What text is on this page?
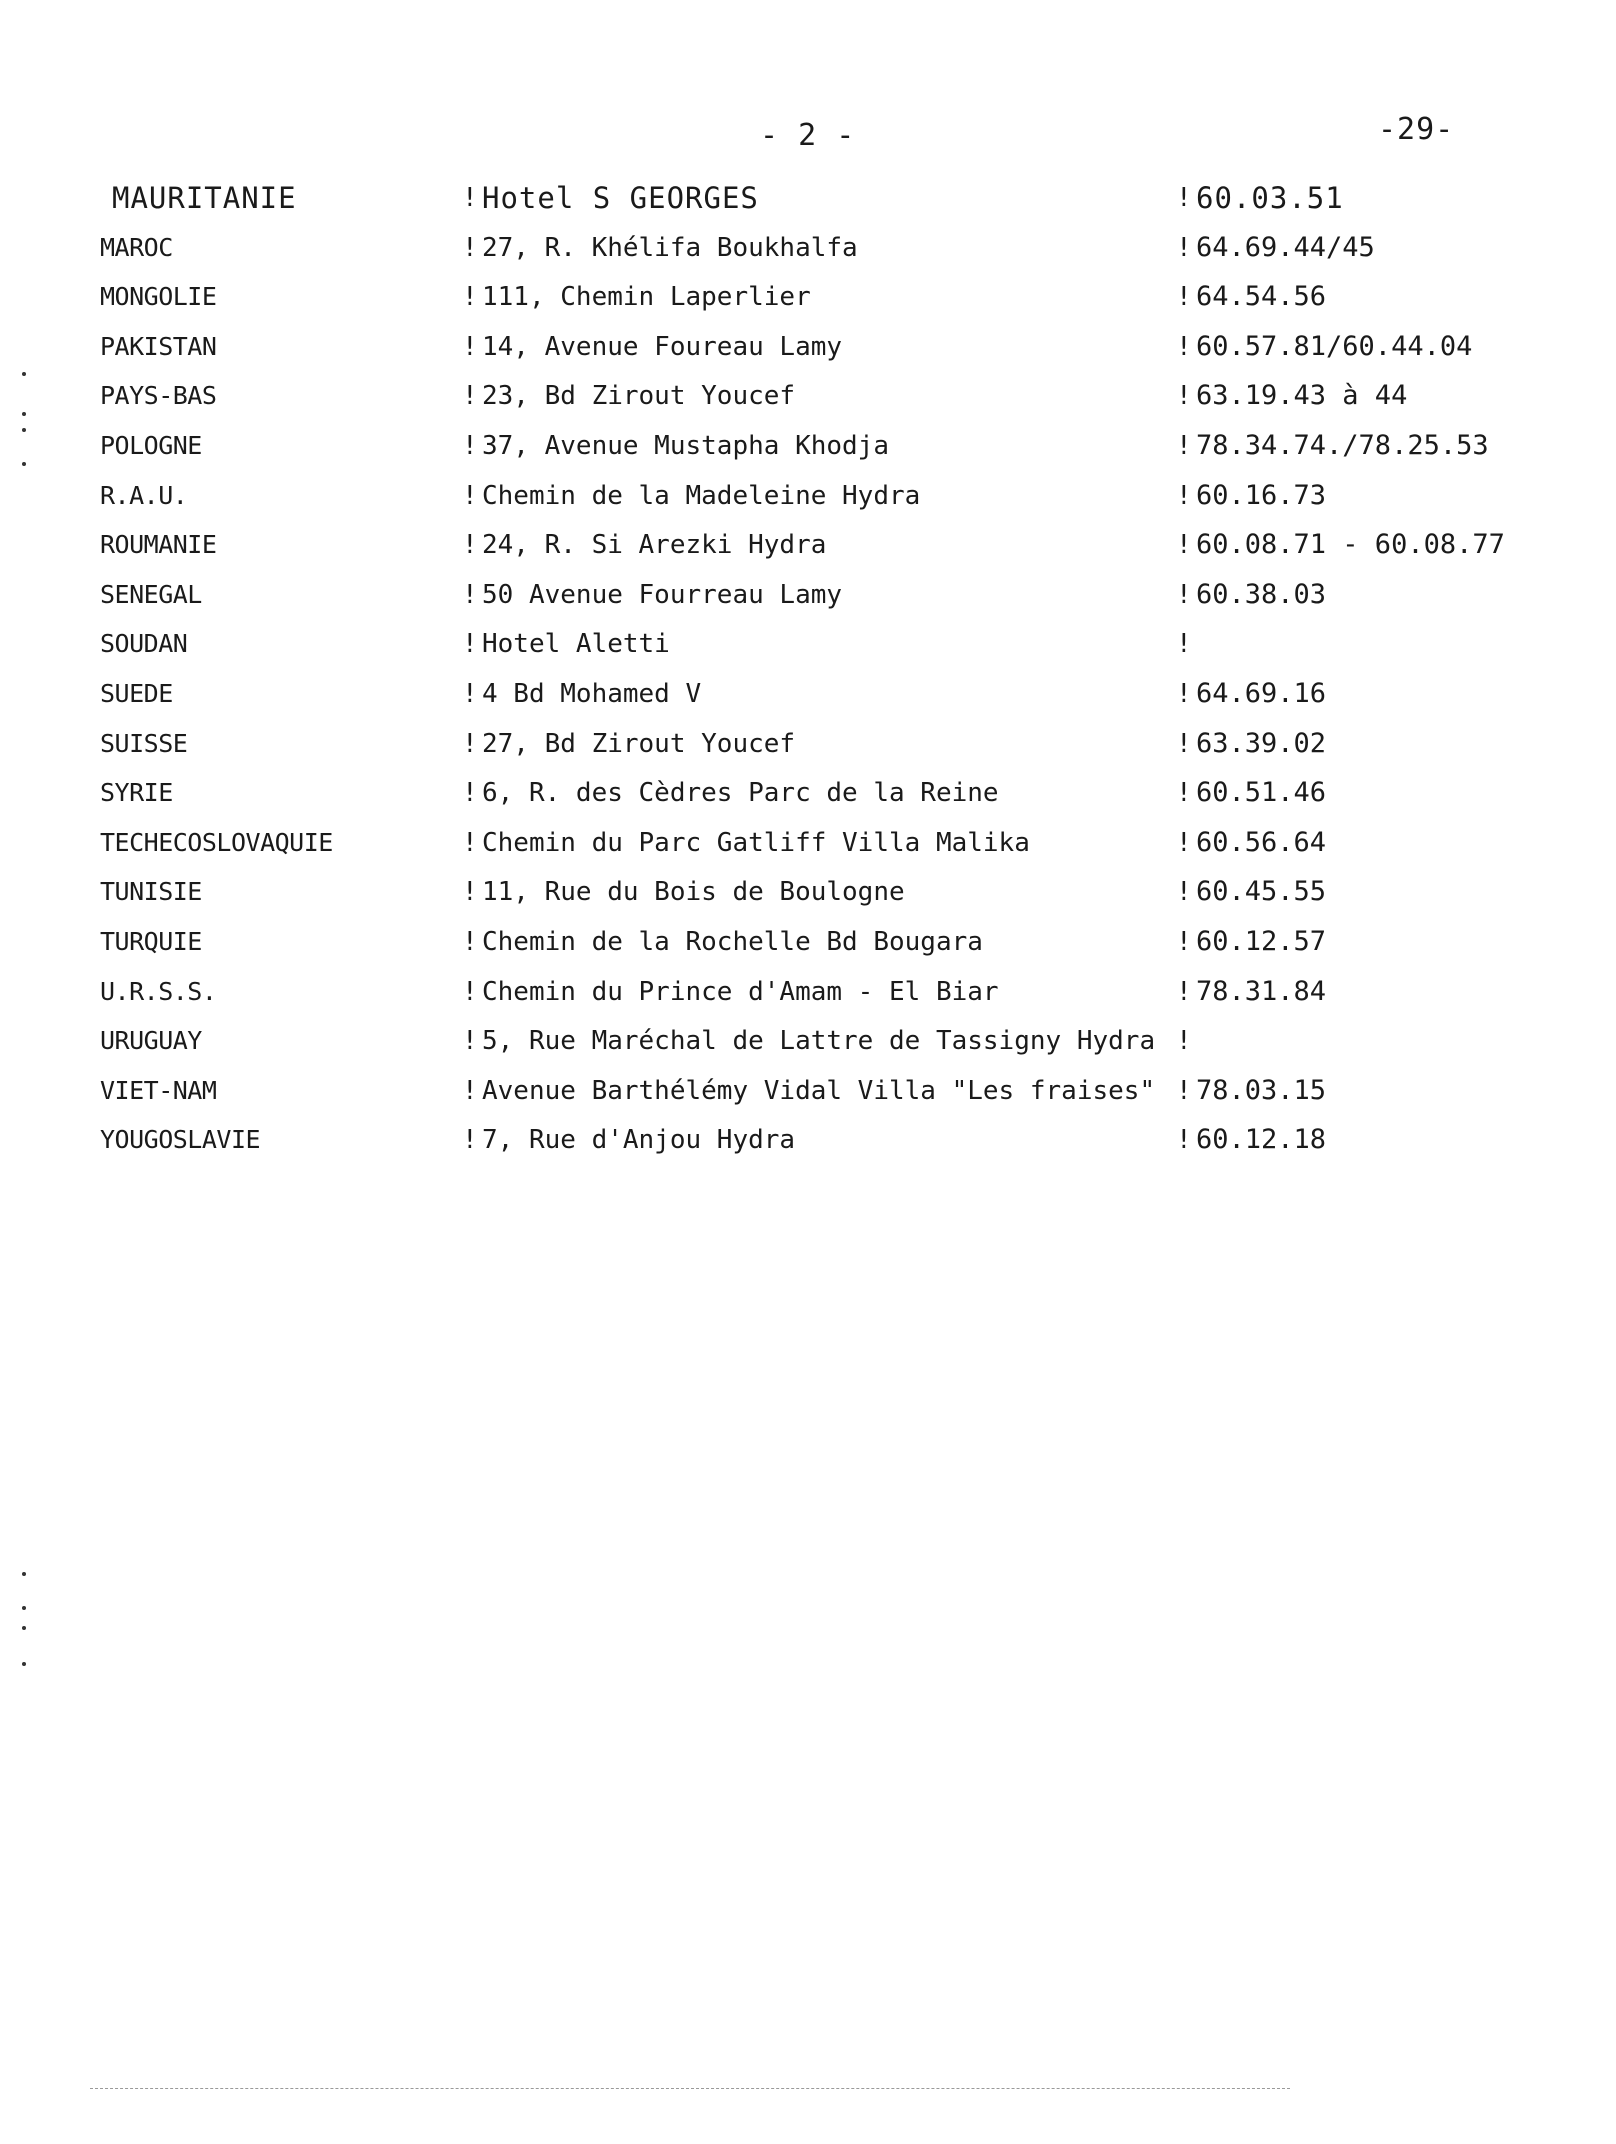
- 2 -	-29-
MAURITANIE	! Hotel S GEORGES	! 60.03.51
MAROC	! 27, R. Khélifa Boukhalfa	! 64.69.44/45
MONGOLIE	! 111, Chemin Laperlier	! 64.54.56
PAKISTAN	! 14, Avenue Foureau Lamy	! 60.57.81/60.44.04
PAYS-BAS	! 23, Bd Zirout Youcef	! 63.19.43 à 44
POLOGNE	! 37, Avenue Mustapha Khodja	! 78.34.74./78.25.53
R.A.U.	! Chemin de la Madeleine Hydra	! 60.16.73
ROUMANIE	! 24, R. Si Arezki Hydra	! 60.08.71 - 60.08.77
SENEGAL	! 50 Avenue Fourreau Lamy	! 60.38.03
SOUDAN	! Hotel Aletti	!
SUEDE	! 4 Bd Mohamed V	! 64.69.16
SUISSE	! 27, Bd Zirout Youcef	! 63.39.02
SYRIE	! 6, R. des Cèdres Parc de la Reine	! 60.51.46
TECHECOSLOVAQUIE	! Chemin du Parc Gatliff Villa Malika	! 60.56.64
TUNISIE	! 11, Rue du Bois de Boulogne	! 60.45.55
TURQUIE	! Chemin de la Rochelle Bd Bougara	! 60.12.57
U.R.S.S.	! Chemin du Prince d'Amam - El Biar	! 78.31.84
URUGUAY	! 5, Rue Maréchal de Lattre de Tassigny Hydra !
VIET-NAM	! Avenue Barthélémy Vidal Villa "Les fraises" ! 78.03.15
YOUGOSLAVIE	! 7, Rue d'Anjou Hydra	! 60.12.18
